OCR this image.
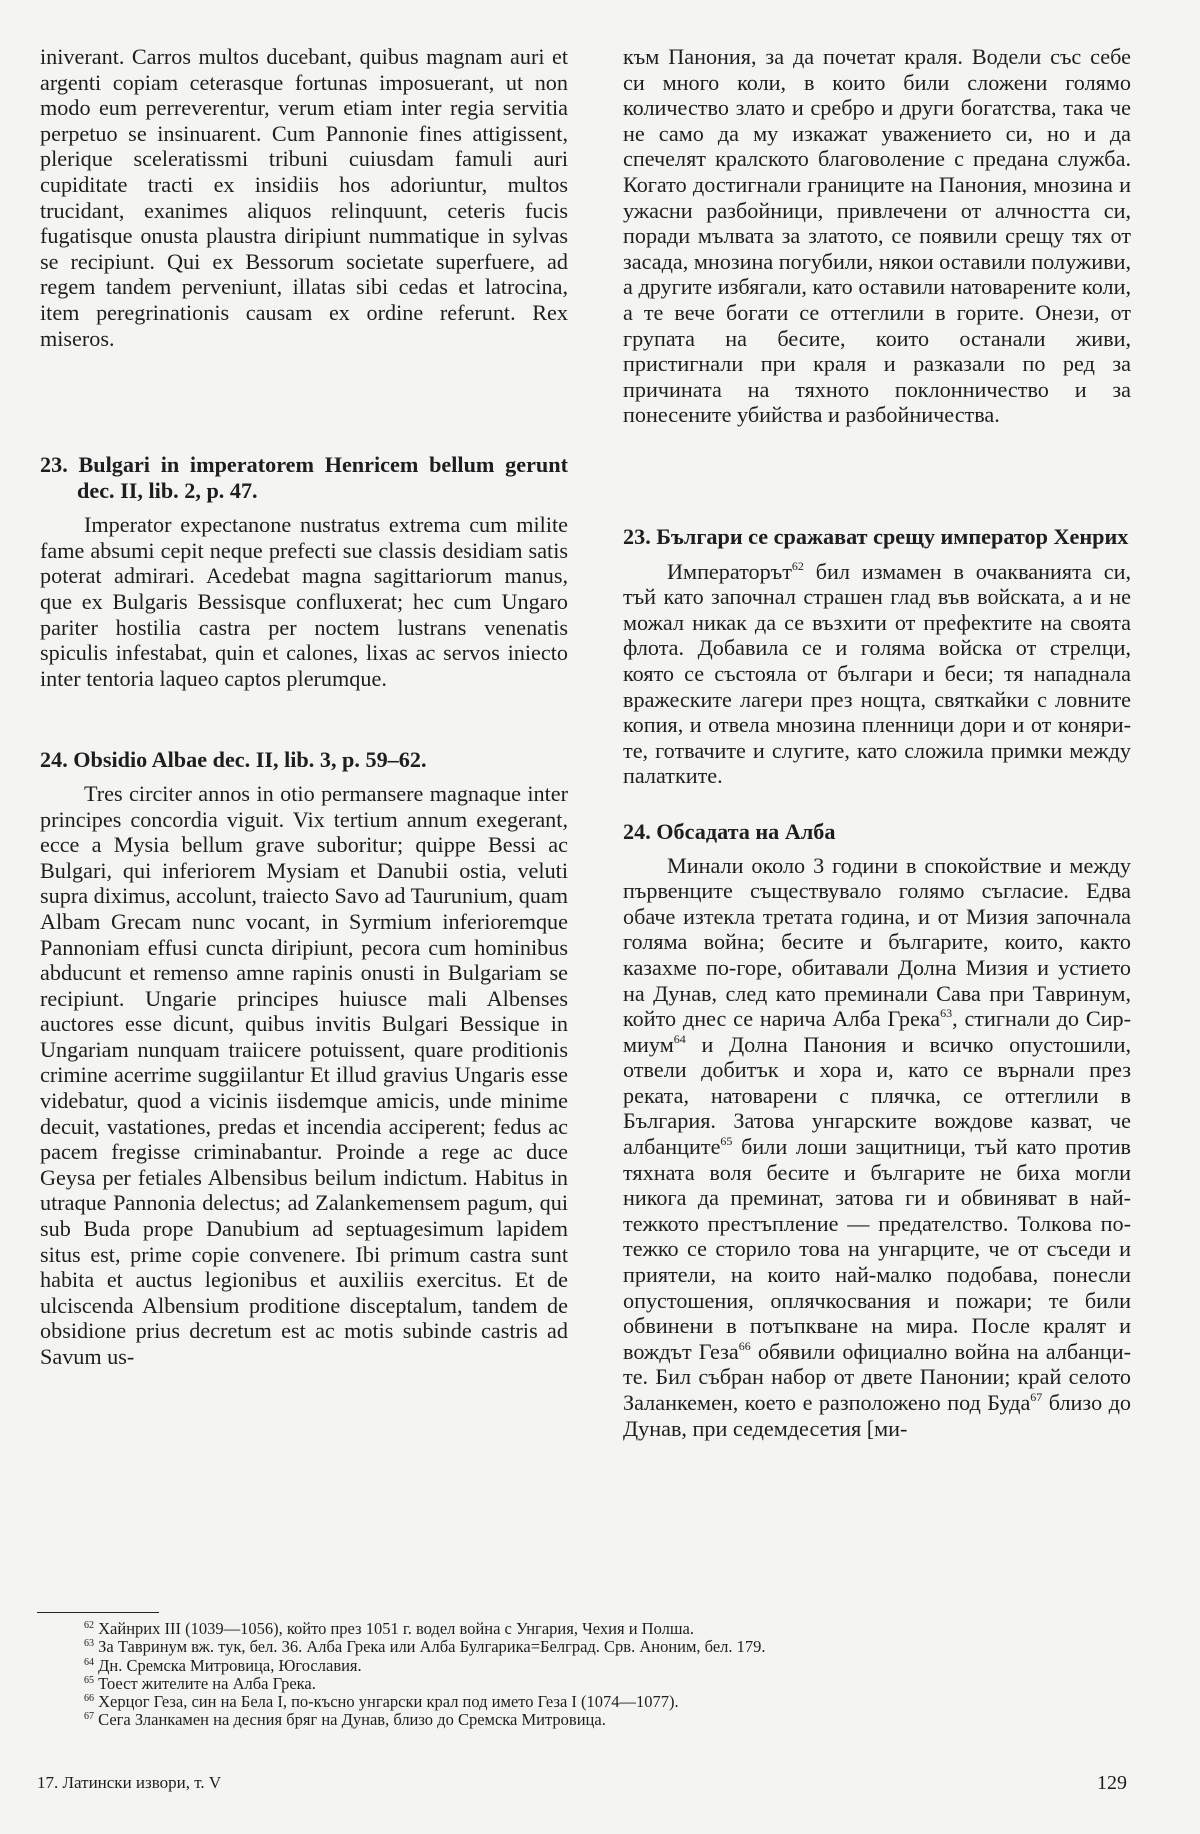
iniverant. Carros multos ducebant, quibus magnam auri et argenti copiam ceterasque fortunas imposuerant, ut non modo eum perreverentur, verum etiam inter regia servitia perpetuo se insinuarent. Cum Pannonie fines attigissent, plerique sceleratissmi tribuni cuiusdam famuli auri cupiditate tracti ex insidiis hos adoriuntur, multos trucidant, exanimes aliquos relinquunt, ceteris fucis fugatisque onusta plaustra diripiunt nummatique in sylvas se recipiunt. Qui ex Bessorum societate superfuere, ad regem tandem perveniunt, illatas sibi cedas et latrocina, item peregrinationis causam ex ordine referunt. Rex miseros.

23. Bulgari in imperatorem Henricem bellum gerunt dec. II, lib. 2, p. 47.

Imperator expectanone nustratus extrema cum milite fame absumi cepit neque prefecti sue classis desidiam satis poterat admirari. Acedebat magna sagittariorum manus, que ex Bulgaris Bessisque confluxerat; hec cum Ungaro pariter hostilia castra per noctem lustrans venenatis spiculis infestabat, quin et calones, lixas ac servos iniecto inter tentoria laqueo captos plerumque.

24. Obsidio Albae dec. II, lib. 3, p. 59–62.

Tres circiter annos in otio permansere magnaque inter principes concordia viguit. Vix tertium annum exegerant, ecce a Mysia bellum grave suboritur; quippe Bessi ac Bulgari, qui inferiorem Mysiam et Danubii ostia, veluti supra diximus, accolunt, traiecto Savo ad Taurunium, quam Albam Grecam nunc vocant, in Syrmium inferioremque Pannoniam effusi cuncta diripiunt, pecora cum hominibus abducunt et remenso amne rapinis onusti in Bulgariam se recipiunt. Ungarie principes huiusce mali Albenses auctores esse dicunt, quibus invitis Bulgari Bessique in Ungariam nunquam traiicere potuissent, quare proditionis crimine acerrime suggiilantur Et illud gravius Ungaris esse videbatur, quod a vicinis iisdemque amicis, unde minime decuit, vastationes, predas et incendia acciperent; fedus ac pacem fregisse criminabantur. Proinde a rege ac duce Geysa per fetiales Albensibus beilum indictum. Habitus in utraque Pannonia delectus; ad Zalankemensem pagum, qui sub Buda prope Danubium ad septuagesimum lapidem situs est, prime copie convenere. Ibi primum castra sunt habita et auctus legionibus et auxiliis exercitus. Et de ulciscenda Albensium proditione disceptalum, tandem de obsidione prius decretum est ac motis subinde castris ad Savum us-

към Панония, за да почетат краля. Водели със себе си много коли, в които били сложени голямо количество злато и сребро и други богатства, така че не само да му изкажат уважението си, но и да спечелят кралското благоволение с предана служба. Когато достигнали границите на Панония, мнозина и ужасни разбойници, привлечени от алчността си, поради мълвата за златото, се появили срещу тях от засада, мнозина погубили, някои оставили полуживи, а другите избягали, като оставили натоварените коли, а те вече богати се оттеглили в горите. Онези, от групата на бесите, които останали живи, пристигнали при краля и разказали по ред за причината на тяхното поклонничество и за понесените убийства и разбойничества.

23. Българи се сражават срещу император Хенрих

Императорът$^{62}$ бил измамен в очакванията си, тъй като започнал страшен глад във войската, а и не можал никак да се възхити от префектите на своята флота. Добавила се и голяма войска от стрелци, която се състояла от българи и беси; тя нападнала вражеските лагери през нощта, святкайки с ловните копия, и отвела мнозина пленници дори и от конярите, готвачите и слугите, като сложила примки между палатките.

24. Обсадата на Алба

Минали около 3 години в спокойствие и между първенците съществувало голямо съгласие. Едва обаче изтекла третата година, и от Мизия започнала голяма война; бесите и българите, които, както казахме по-горе, обитавали Долна Мизия и устието на Дунав, след като преминали Сава при Тавринум, който днес се нарича Алба Грека$^{63}$, стигнали до Сирмиум$^{64}$ и Долна Панония и всичко опустошили, отвели добитък и хора и, като се върнали през реката, натоварени с плячка, се оттеглили в България. Затова унгарските вождове казват, че албанците$^{65}$ били лоши защитници, тъй като против тяхната воля бесите и българите не биха могли никога да преминат, затова ги и обвиняват в най-тежкото престъпление — предателство. Толкова по-тежко се сторило това на унгарците, че от съседи и приятели, на които най-малко подобава, понесли опустошения, оплячкосвания и пожари; те били обвинени в потъпкване на мира. После кралят и вождът Геза$^{66}$ обявили официално война на албанците. Бил събран набор от двете Панонии; край селото Заланкемен, което е разположено под Буда$^{67}$ близо до Дунав, при седемдесетия [ми-

$^{62}$ Хайнрих III (1039—1056), който през 1051 г. водел война с Унгария, Чехия и Полша.

$^{63}$ За Тавринум вж. тук, бел. 36. Алба Грека или Алба Булгарика=Белград. Срв. Аноним, бел. 179.

$^{64}$ Дн. Сремска Митровица, Югославия.

$^{65}$ Тоест жителите на Алба Грека.

$^{66}$ Херцог Геза, син на Бела I, по-късно унгарски крал под името Геза I (1074—1077).

$^{67}$ Сега Зланкамен на десния бряг на Дунав, близо до Сремска Митровица.

17. Латински извори, т. V	129
